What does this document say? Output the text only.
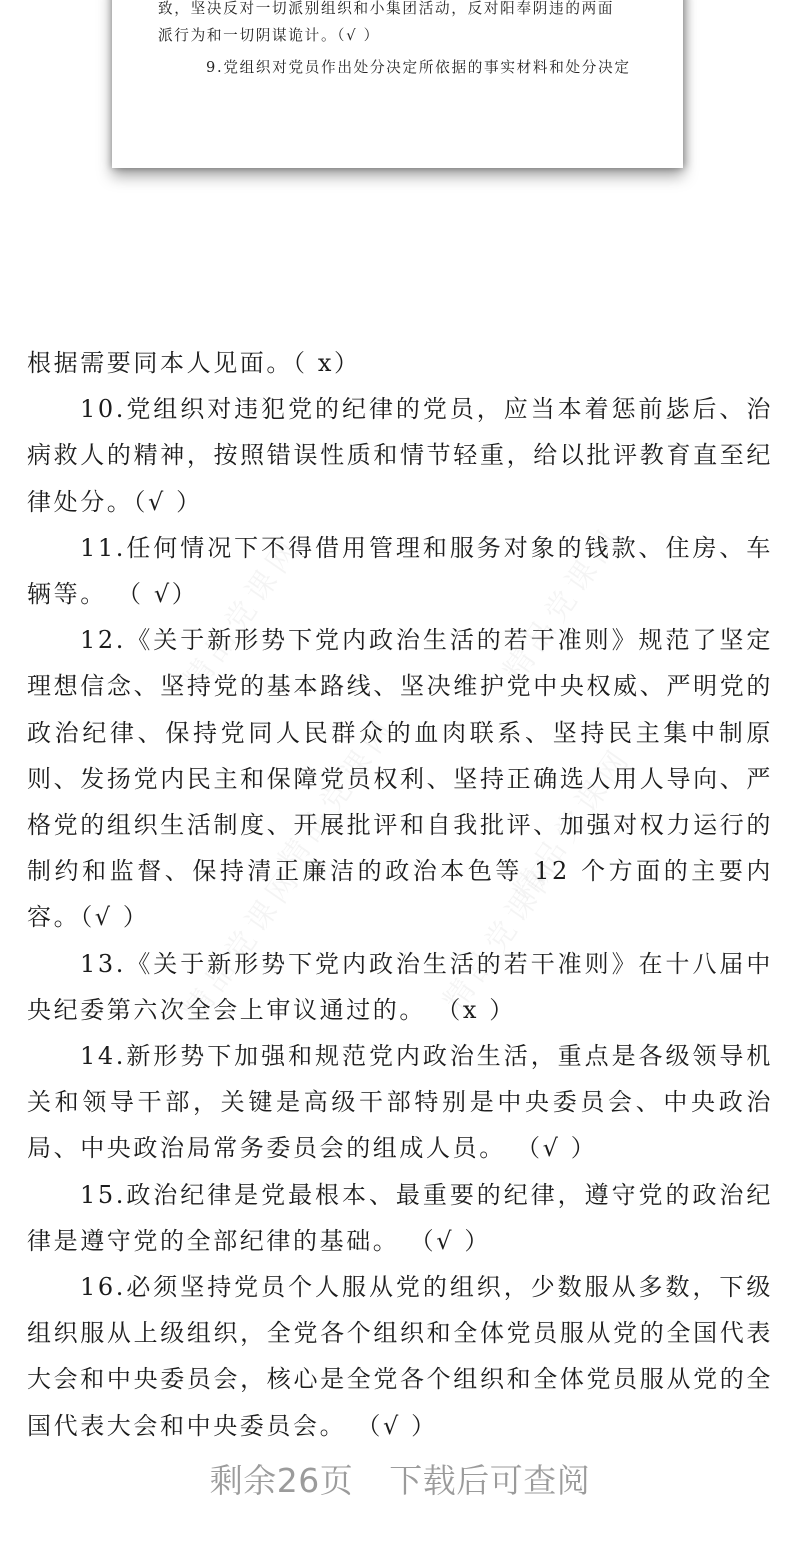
致，坚决反对一切派别组织和小集团活动，反对阳奉阴违的两面
派行为和一切阴谋诡计。（√ ）
9.党组织对党员作出处分决定所依据的事实材料和处分决定

根据需要同本人见面。（ x）

10.党组织对违犯党的纪律的党员，应当本着惩前毖后、治病救人的精神，按照错误性质和情节轻重，给以批评教育直至纪律处分。（√ ）

11.任何情况下不得借用管理和服务对象的钱款、住房、车辆等。 （ √）

12.《关于新形势下党内政治生活的若干准则》规范了坚定理想信念、坚持党的基本路线、坚决维护党中央权威、严明党的政治纪律、保持党同人民群众的血肉联系、坚持民主集中制原则、发扬党内民主和保障党员权利、坚持正确选人用人导向、严格党的组织生活制度、开展批评和自我批评、加强对权力运行的制约和监督、保持清正廉洁的政治本色等 12 个方面的主要内容。（√ ）

13.《关于新形势下党内政治生活的若干准则》在十八届中央纪委第六次全会上审议通过的。 （x ）

14.新形势下加强和规范党内政治生活，重点是各级领导机关和领导干部，关键是高级干部特别是中央委员会、中央政治局、中央政治局常务委员会的组成人员。 （√ ）

15.政治纪律是党最根本、最重要的纪律，遵守党的政治纪律是遵守党的全部纪律的基础。 （√ ）

16.必须坚持党员个人服从党的组织，少数服从多数，下级组织服从上级组织，全党各个组织和全体党员服从党的全国代表大会和中央委员会，核心是全党各个组织和全体党员服从党的全国代表大会和中央委员会。 （√ ）

剩余26页 下载后可查阅
